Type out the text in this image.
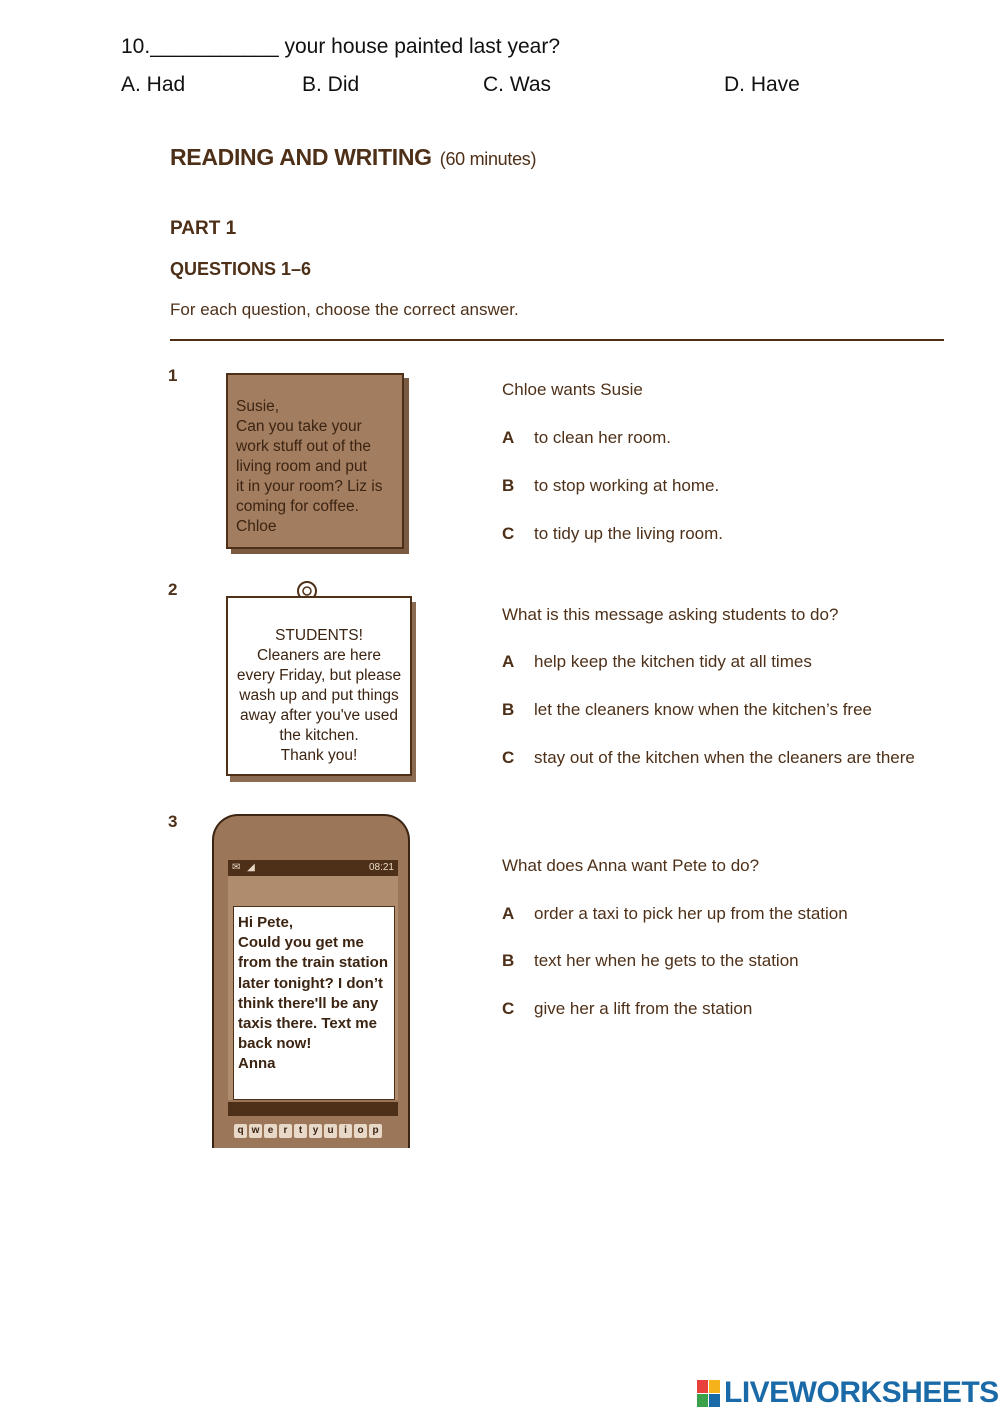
10.___________ your house painted last year?
A. Had	B. Did	C. Was	D. Have
READING AND WRITING (60 minutes)
PART 1
QUESTIONS 1–6
For each question, choose the correct answer.
1
Susie,
Can you take your
work stuff out of the
living room and put
it in your room? Liz is
coming for coffee.
Chloe
Chloe wants Susie
A to clean her room.
B to stop working at home.
C to tidy up the living room.
2
STUDENTS!
Cleaners are here
every Friday, but please
wash up and put things
away after you've used
the kitchen.
Thank you!
What is this message asking students to do?
A help keep the kitchen tidy at all times
B let the cleaners know when the kitchen’s free
C stay out of the kitchen when the cleaners are there
3
✉ ◢	08:21
Hi Pete,
Could you get me
from the train station
later tonight? I don’t
think there'll be any
taxis there. Text me
back now!
Anna
q w e r t y u i o p
What does Anna want Pete to do?
A order a taxi to pick her up from the station
B text her when he gets to the station
C give her a lift from the station
LIVEWORKSHEETS
